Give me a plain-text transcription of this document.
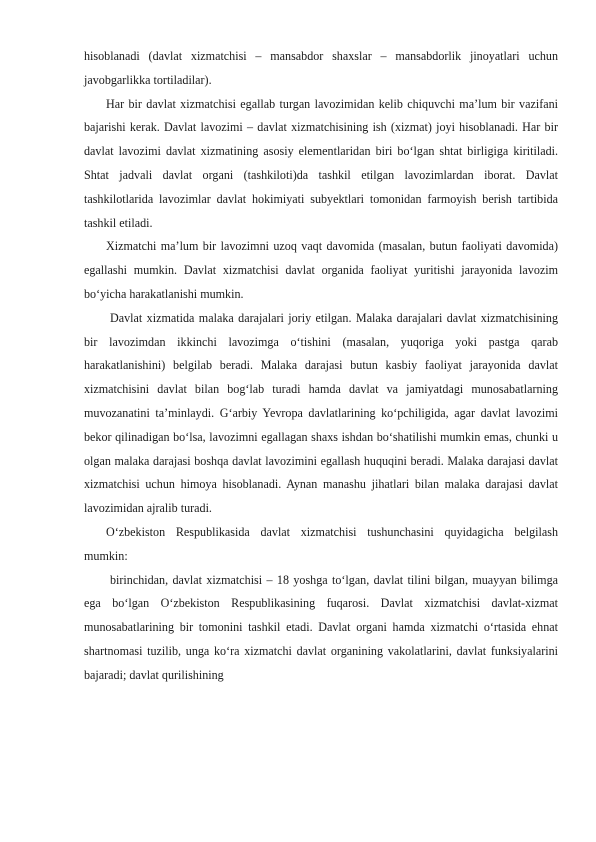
hisoblanadi (davlat xizmatchisi – mansabdor shaxslar – mansabdorlik jinoyatlari uchun javobgarlikka tortiladilar).

Har bir davlat xizmatchisi egallab turgan lavozimidan kelib chiquvchi ma’lum bir vazifani bajarishi kerak. Davlat lavozimi – davlat xizmatchisining ish (xizmat) joyi hisoblanadi. Har bir davlat lavozimi davlat xizmatining asosiy elementlaridan biri bo‘lgan shtat birligiga kiritiladi. Shtat jadvali davlat organi (tashkiloti)da tashkil etilgan lavozimlardan iborat. Davlat tashkilotlarida lavozimlar davlat hokimiyati subyektlari tomonidan farmoyish berish tartibida tashkil etiladi.

Xizmatchi ma’lum bir lavozimni uzoq vaqt davomida (masalan, butun faoliyati davomida) egallashi mumkin. Davlat xizmatchisi davlat organida faoliyat yuritishi jarayonida lavozim bo‘yicha harakatlanishi mumkin.

Davlat xizmatida malaka darajalari joriy etilgan. Malaka darajalari davlat xizmatchisining bir lavozimdan ikkinchi lavozimga o‘tishini (masalan, yuqoriga yoki pastga qarab harakatlanishini) belgilab beradi. Malaka darajasi butun kasbiy faoliyat jarayonida davlat xizmatchisini davlat bilan bog‘lab turadi hamda davlat va jamiyatdagi munosabatlarning muvozanatini ta’minlaydi. G‘arbiy Yevropa davlatlarining ko‘pchiligida, agar davlat lavozimi bekor qilinadigan bo‘lsa, lavozimni egallagan shaxs ishdan bo‘shatilishi mumkin emas, chunki u olgan malaka darajasi boshqa davlat lavozimini egallash huquqini beradi. Malaka darajasi davlat xizmatchisi uchun himoya hisoblanadi. Aynan manashu jihatlari bilan malaka darajasi davlat lavozimidan ajralib turadi.

O‘zbekiston Respublikasida davlat xizmatchisi tushunchasini quyidagicha belgilash mumkin:

birinchidan, davlat xizmatchisi – 18 yoshga to‘lgan, davlat tilini bilgan, muayyan bilimga ega bo‘lgan O‘zbekiston Respublikasining fuqarosi. Davlat xizmatchisi davlat-xizmat munosabatlarining bir tomonini tashkil etadi. Davlat organi hamda xizmatchi o‘rtasida ehnat shartnomasi tuzilib, unga ko‘ra xizmatchi davlat organining vakolatlarini, davlat funksiyalarini bajaradi; davlat qurilishining
